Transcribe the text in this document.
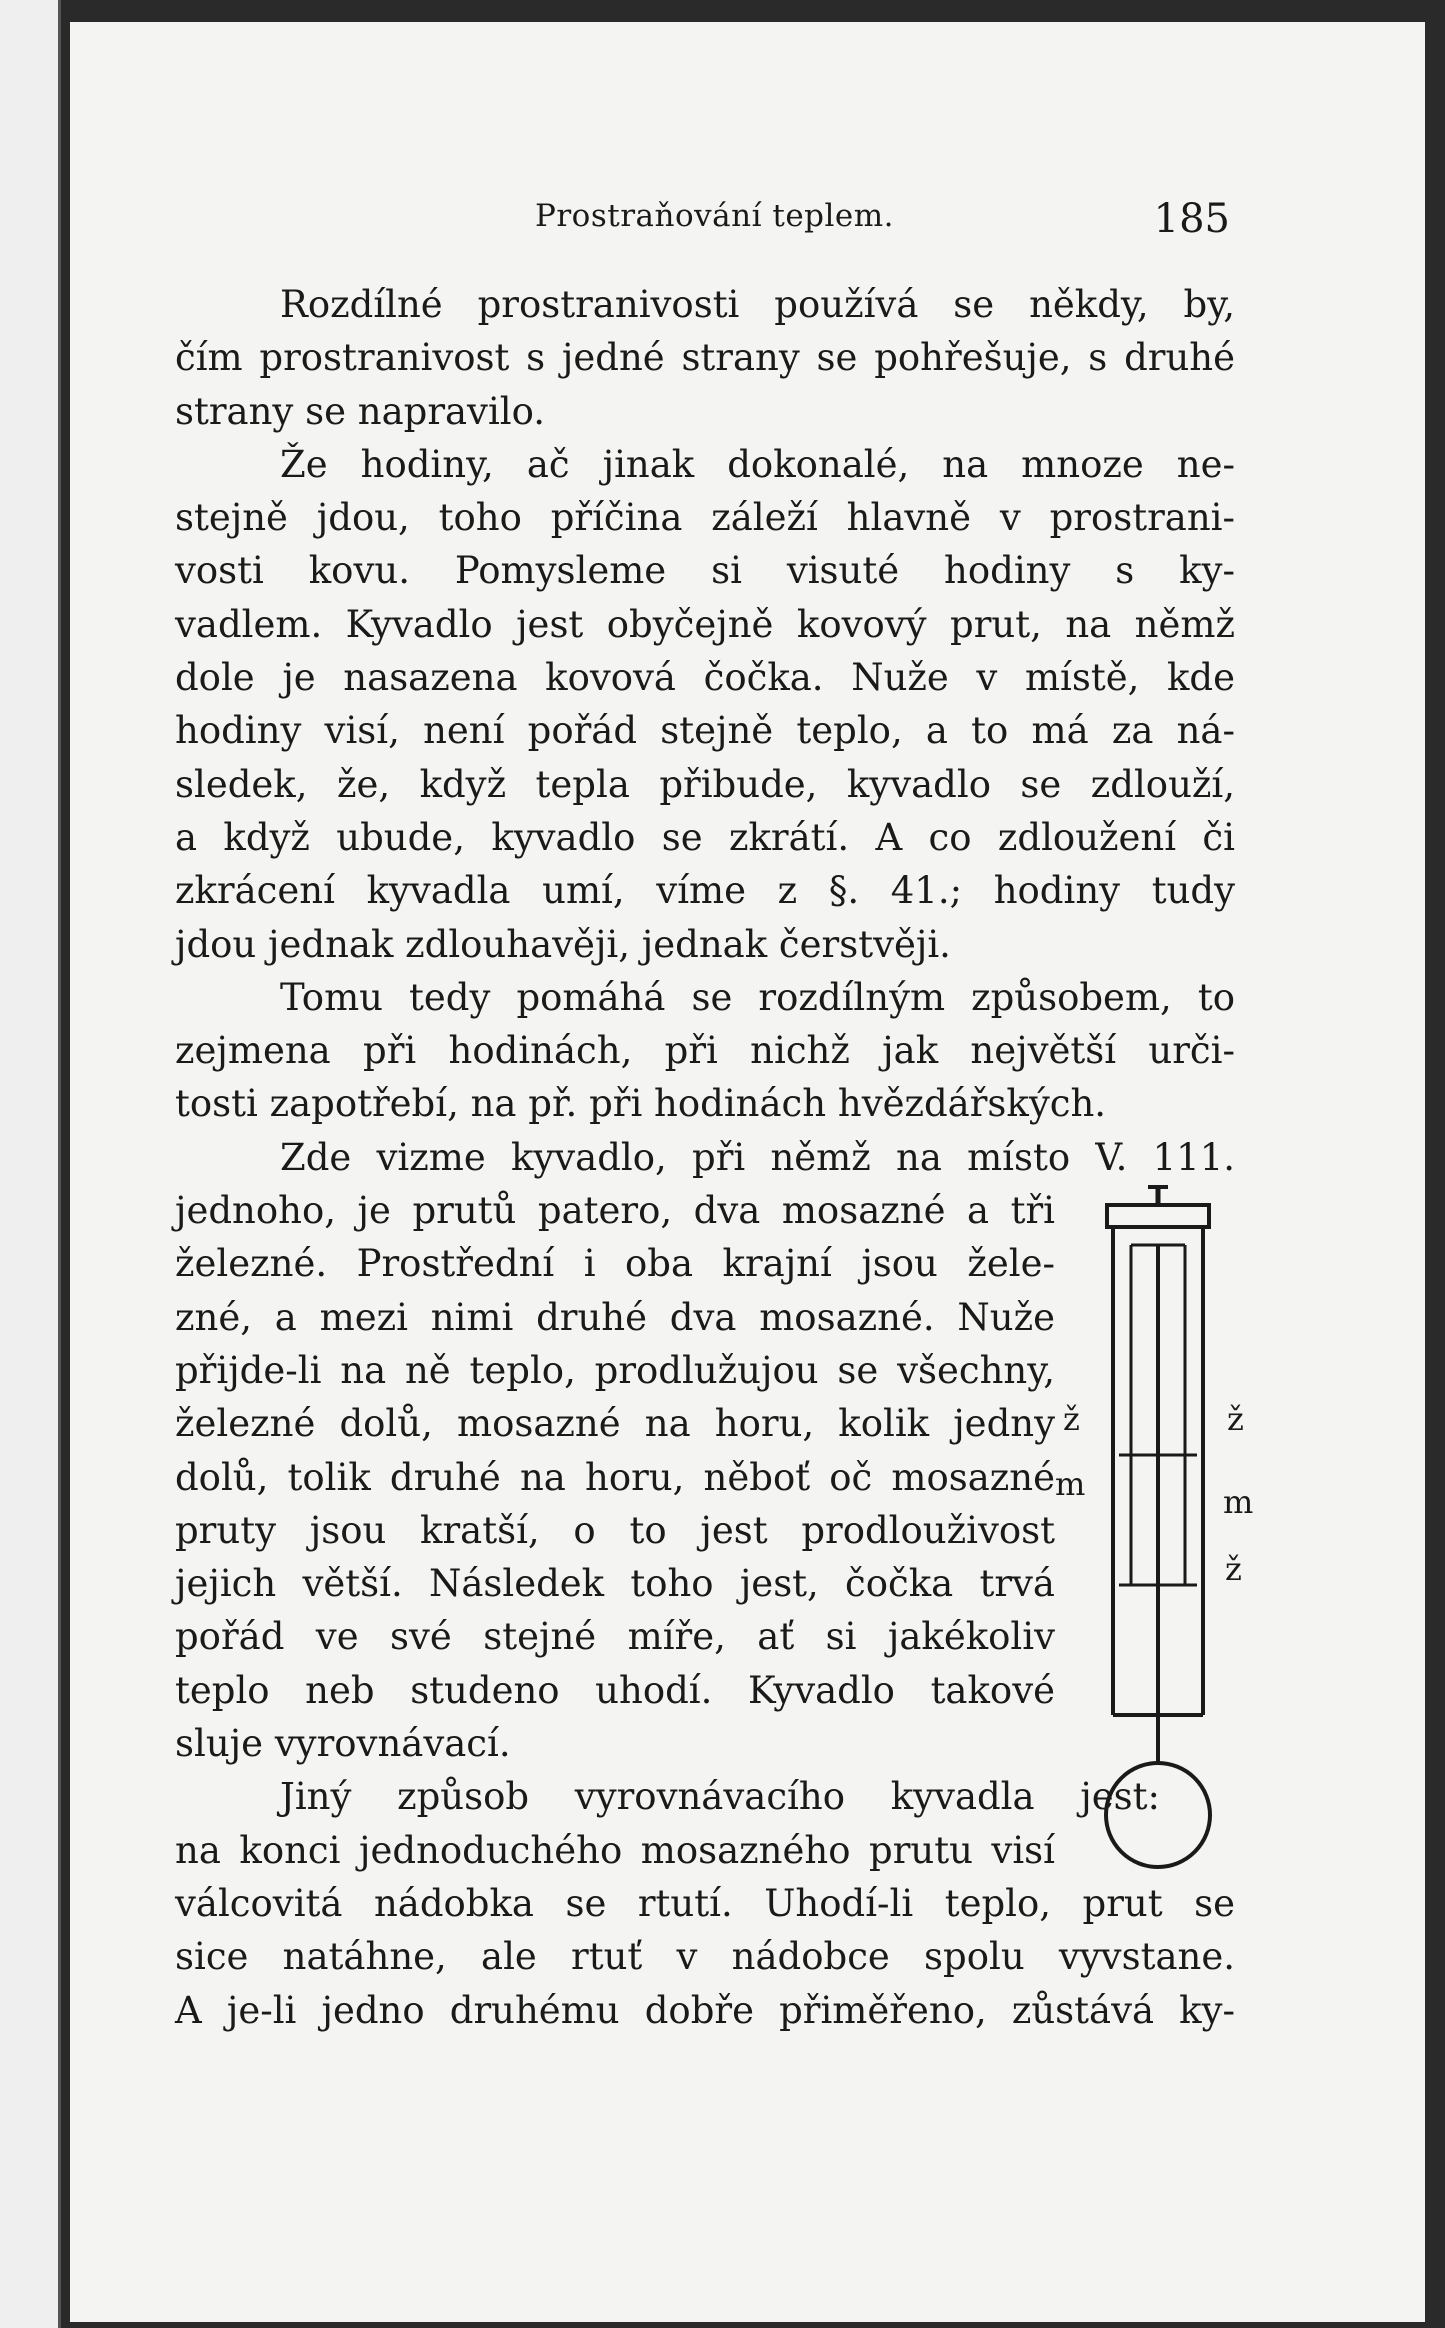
Prostraňování teplem.	185
Rozdílné prostranivosti používá se někdy, by,
čím prostranivost s jedné strany se pohřešuje, s druhé
strany se napravilo.
Že hodiny, ač jinak dokonalé, na mnoze ne-
stejně jdou, toho příčina záleží hlavně v prostrani-
vosti kovu. Pomysleme si visuté hodiny s ky-
vadlem. Kyvadlo jest obyčejně kovový prut, na němž
dole je nasazena kovová čočka. Nuže v místě, kde
hodiny visí, není pořád stejně teplo, a to má za ná-
sledek, že, když tepla přibude, kyvadlo se zdlouží,
a když ubude, kyvadlo se zkrátí. A co zdloužení či
zkrácení kyvadla umí, víme z §. 41.; hodiny tudy
jdou jednak zdlouhavěji, jednak čerstvěji.
Tomu tedy pomáhá se rozdílným způsobem, to
zejmena při hodinách, při nichž jak největší urči-
tosti zapotřebí, na př. při hodinách hvězdářských.
Zde vizme kyvadlo, při němž na místo V. 111.
jednoho, je prutů patero, dva mosazné a tři
železné. Prostřední i oba krajní jsou žele-
zné, a mezi nimi druhé dva mosazné. Nuže
přijde-li na ně teplo, prodlužujou se všechny,
železné dolů, mosazné na horu, kolik jedny
dolů, tolik druhé na horu, něboť oč mosazné
pruty jsou kratší, o to jest prodlouživost
jejich větší. Následek toho jest, čočka trvá
pořád ve své stejné míře, ať si jakékoliv
teplo neb studeno uhodí. Kyvadlo takové
sluje vyrovnávací.
Jiný způsob vyrovnávacího kyvadla jest:
na konci jednoduchého mosazného prutu visí
válcovitá nádobka se rtutí. Uhodí-li teplo, prut se
sice natáhne, ale rtuť v nádobce spolu vyvstane.
A je-li jedno druhému dobře přiměřeno, zůstává ky-
ž	ž
m	m
ž
